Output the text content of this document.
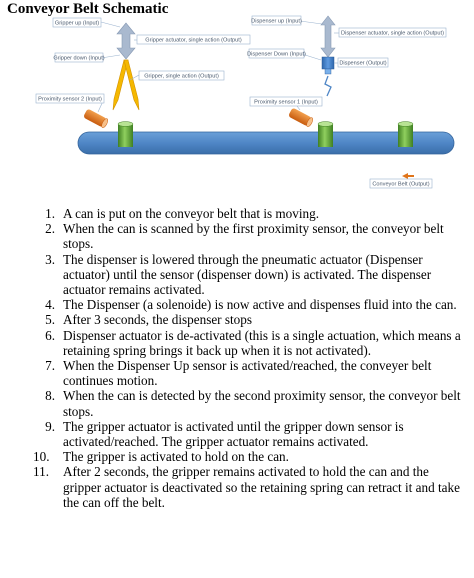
Conveyor Belt Schematic
Gripper up (Input)
Gripper actuator, single action (Output)
Gripper down (Input)
Gripper, single action (Output)
Proximity sensor 2 (Input)
Dispenser up (Input)
Dispenser actuator, single action (Output)
Dispenser Down (Input)
Dispenser (Output)
Proximity sensor 1 (Input)
Conveyor Belt (Output)
1. A can is put on the conveyor belt that is moving.
2. When the can is scanned by the first proximity sensor, the conveyor belt stops.
3. The dispenser is lowered through the pneumatic actuator (Dispenser actuator) until the sensor (dispenser down) is activated. The dispenser actuator remains activated.
4. The Dispenser (a solenoide) is now active and dispenses fluid into the can.
5. After 3 seconds, the dispenser stops
6. Dispenser actuator is de-activated (this is a single actuation, which means a retaining spring brings it back up when it is not activated).
7. When the Dispenser Up sensor is activated/reached, the conveyer belt continues motion.
8. When the can is detected by the second proximity sensor, the conveyor belt stops.
9. The gripper actuator is activated until the gripper down sensor is activated/reached. The gripper actuator remains activated.
10. The gripper is activated to hold on the can.
11.	After 2 seconds, the gripper remains activated to hold the can and the gripper actuator is deactivated so the retaining spring can retract it and take the can off the belt.
